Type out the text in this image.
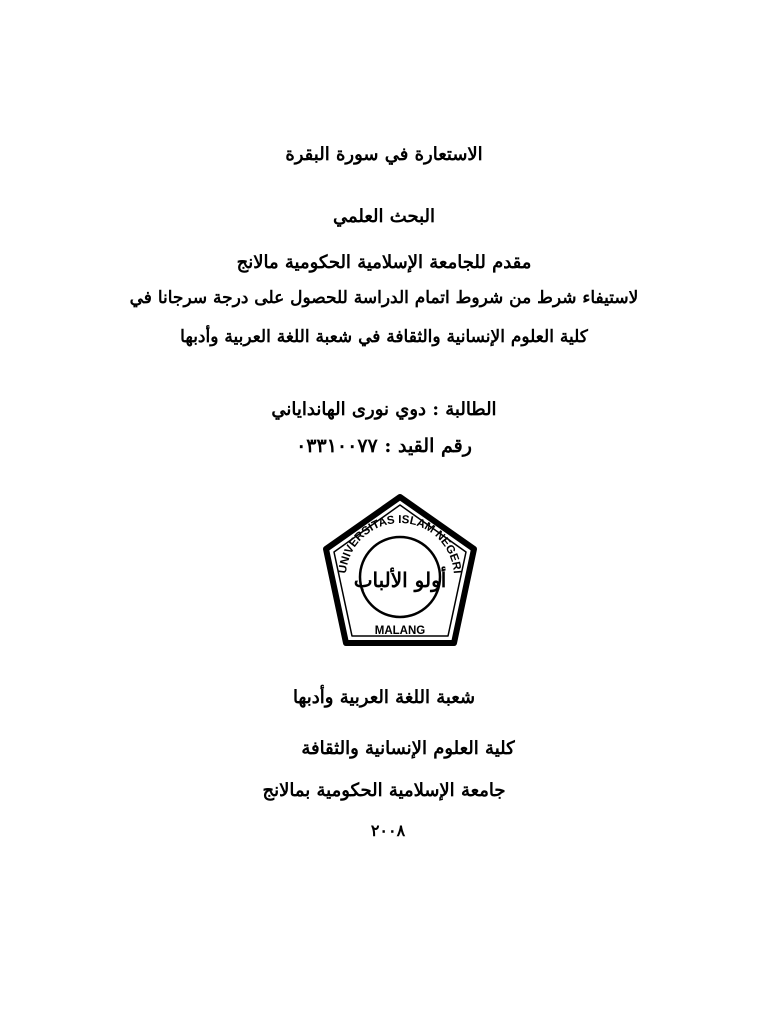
الاستعارة في سورة البقرة
البحث العلمي
مقدم للجامعة الإسلامية الحكومية مالانج
لاستيفاء شرط من شروط اتمام الدراسة للحصول على درجة سرجانا في
كلية العلوم الإنسانية والثقافة في شعبة اللغة العربية وأدبها
الطالبة : دوي نورى الهانداياني
رقم القيد : ٠٣٣١٠٠٧٧
UNIVERSITAS ISLAM NEGERI
أولو الألباب
MALANG
شعبة اللغة العربية وأدبها
كلية العلوم الإنسانية والثقافة
جامعة الإسلامية الحكومية بمالانج
٢٠٠٨
